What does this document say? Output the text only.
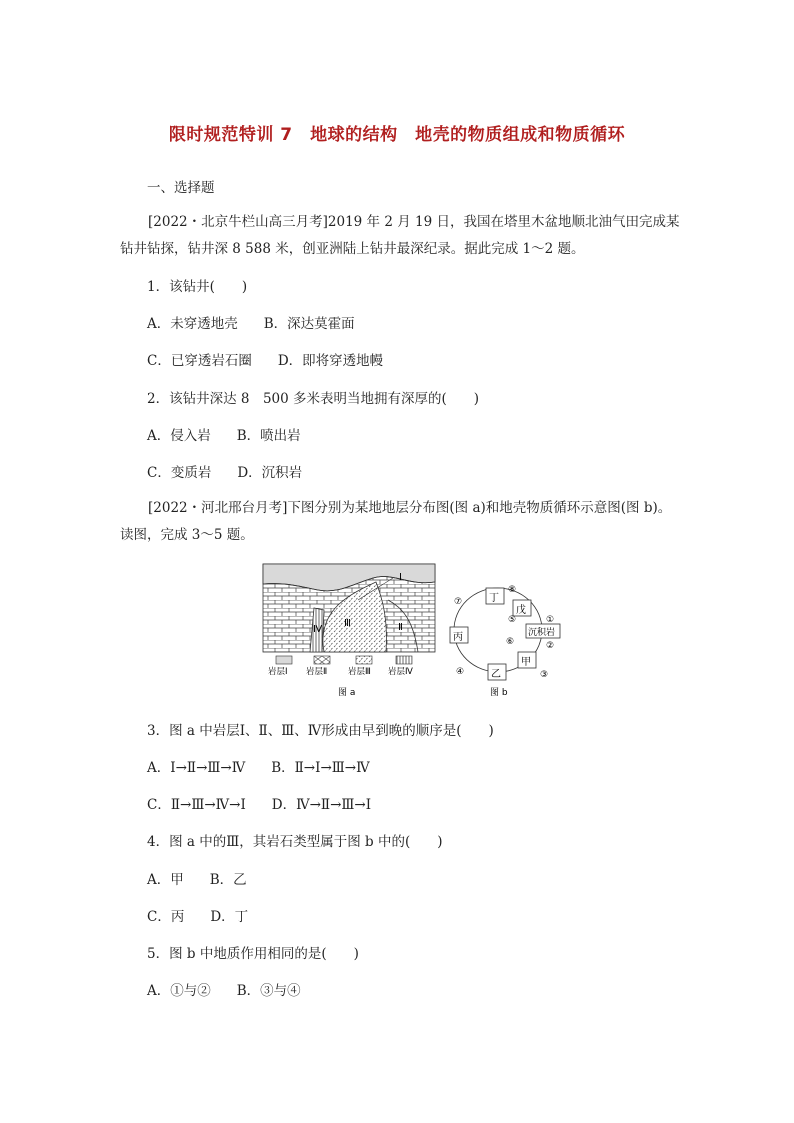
限时规范特训 7　地球的结构　地壳的物质组成和物质循环
一、选择题
[2022・北京牛栏山高三月考]2019 年 2 月 19 日，我国在塔里木盆地顺北油气田完成某钻井钻探，钻井深 8 588 米，创亚洲陆上钻井最深纪录。据此完成 1～2 题。
1．该钻井(　　)
A．未穿透地壳 B．深达莫霍面
C．已穿透岩石圈 D．即将穿透地幔
2．该钻井深达 8　500 多米表明当地拥有深厚的(　　)
A．侵入岩 B．喷出岩
C．变质岩 D．沉积岩
[2022・河北邢台月考]下图分别为某地地层分布图(图 a)和地壳物质循环示意图(图 b)。读图，完成 3～5 题。
Ⅰ
Ⅱ
Ⅲ
Ⅳ
岩层Ⅰ 岩层Ⅱ 岩层Ⅲ 岩层Ⅳ
图 a
丁
戊
丙	沉积岩
甲
乙
①
②
③
④
⑤
⑥
⑦
⑧
图 b
3．图 a 中岩层Ⅰ、Ⅱ、Ⅲ、Ⅳ形成由早到晚的顺序是(　　)
A．Ⅰ→Ⅱ→Ⅲ→Ⅳ B．Ⅱ→Ⅰ→Ⅲ→Ⅳ
C．Ⅱ→Ⅲ→Ⅳ→Ⅰ D．Ⅳ→Ⅱ→Ⅲ→Ⅰ
4．图 a 中的Ⅲ，其岩石类型属于图 b 中的(　　)
A．甲 B．乙
C．丙 D．丁
5．图 b 中地质作用相同的是(　　)
A．①与② B．③与④
